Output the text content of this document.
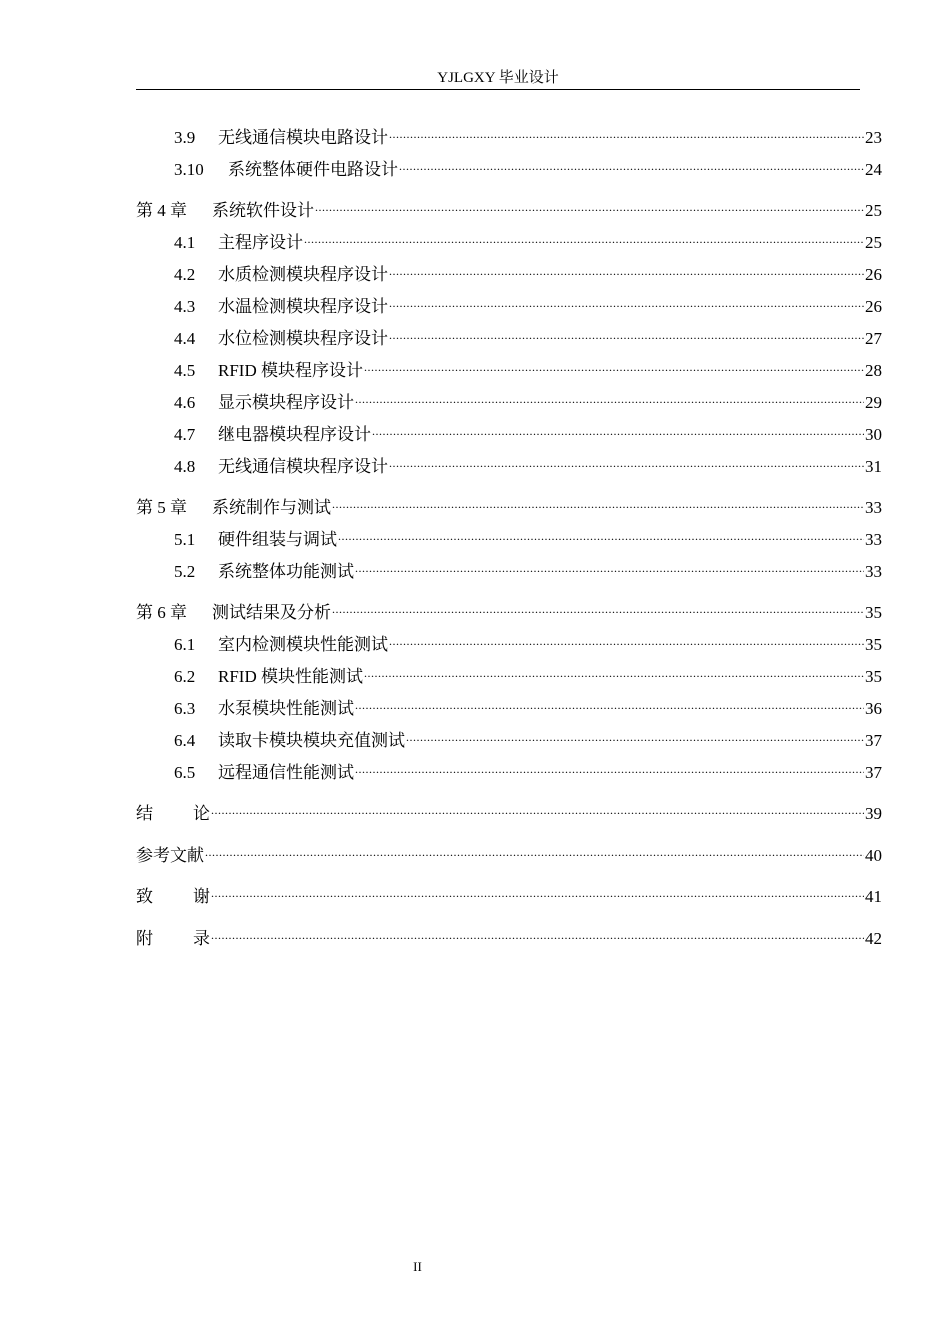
YJLGXY 毕业设计
3.9	无线通信模块电路设计 .....	23
3.10	系统整体硬件电路设计 .....	24
第 4 章	系统软件设计 .....	25
4.1	主程序设计 .....	25
4.2	水质检测模块程序设计 .....	26
4.3	水温检测模块程序设计 .....	26
4.4	水位检测模块程序设计 .....	27
4.5	RFID 模块程序设计 .....	28
4.6	显示模块程序设计 .....	29
4.7	继电器模块程序设计 .....	30
4.8	无线通信模块程序设计 .....	31
第 5 章	系统制作与测试 .....	33
5.1	硬件组装与调试 .....	33
5.2	系统整体功能测试 .....	33
第 6 章	测试结果及分析 .....	35
6.1	室内检测模块性能测试 .....	35
6.2	RFID 模块性能测试 .....	35
6.3	水泵模块性能测试 .....	36
6.4	读取卡模块模块充值测试 .....	37
6.5	远程通信性能测试 .....	37
结	论 .....	39
参考文献 .....	40
致	谢 .....	41
附	录 .....	42
II
